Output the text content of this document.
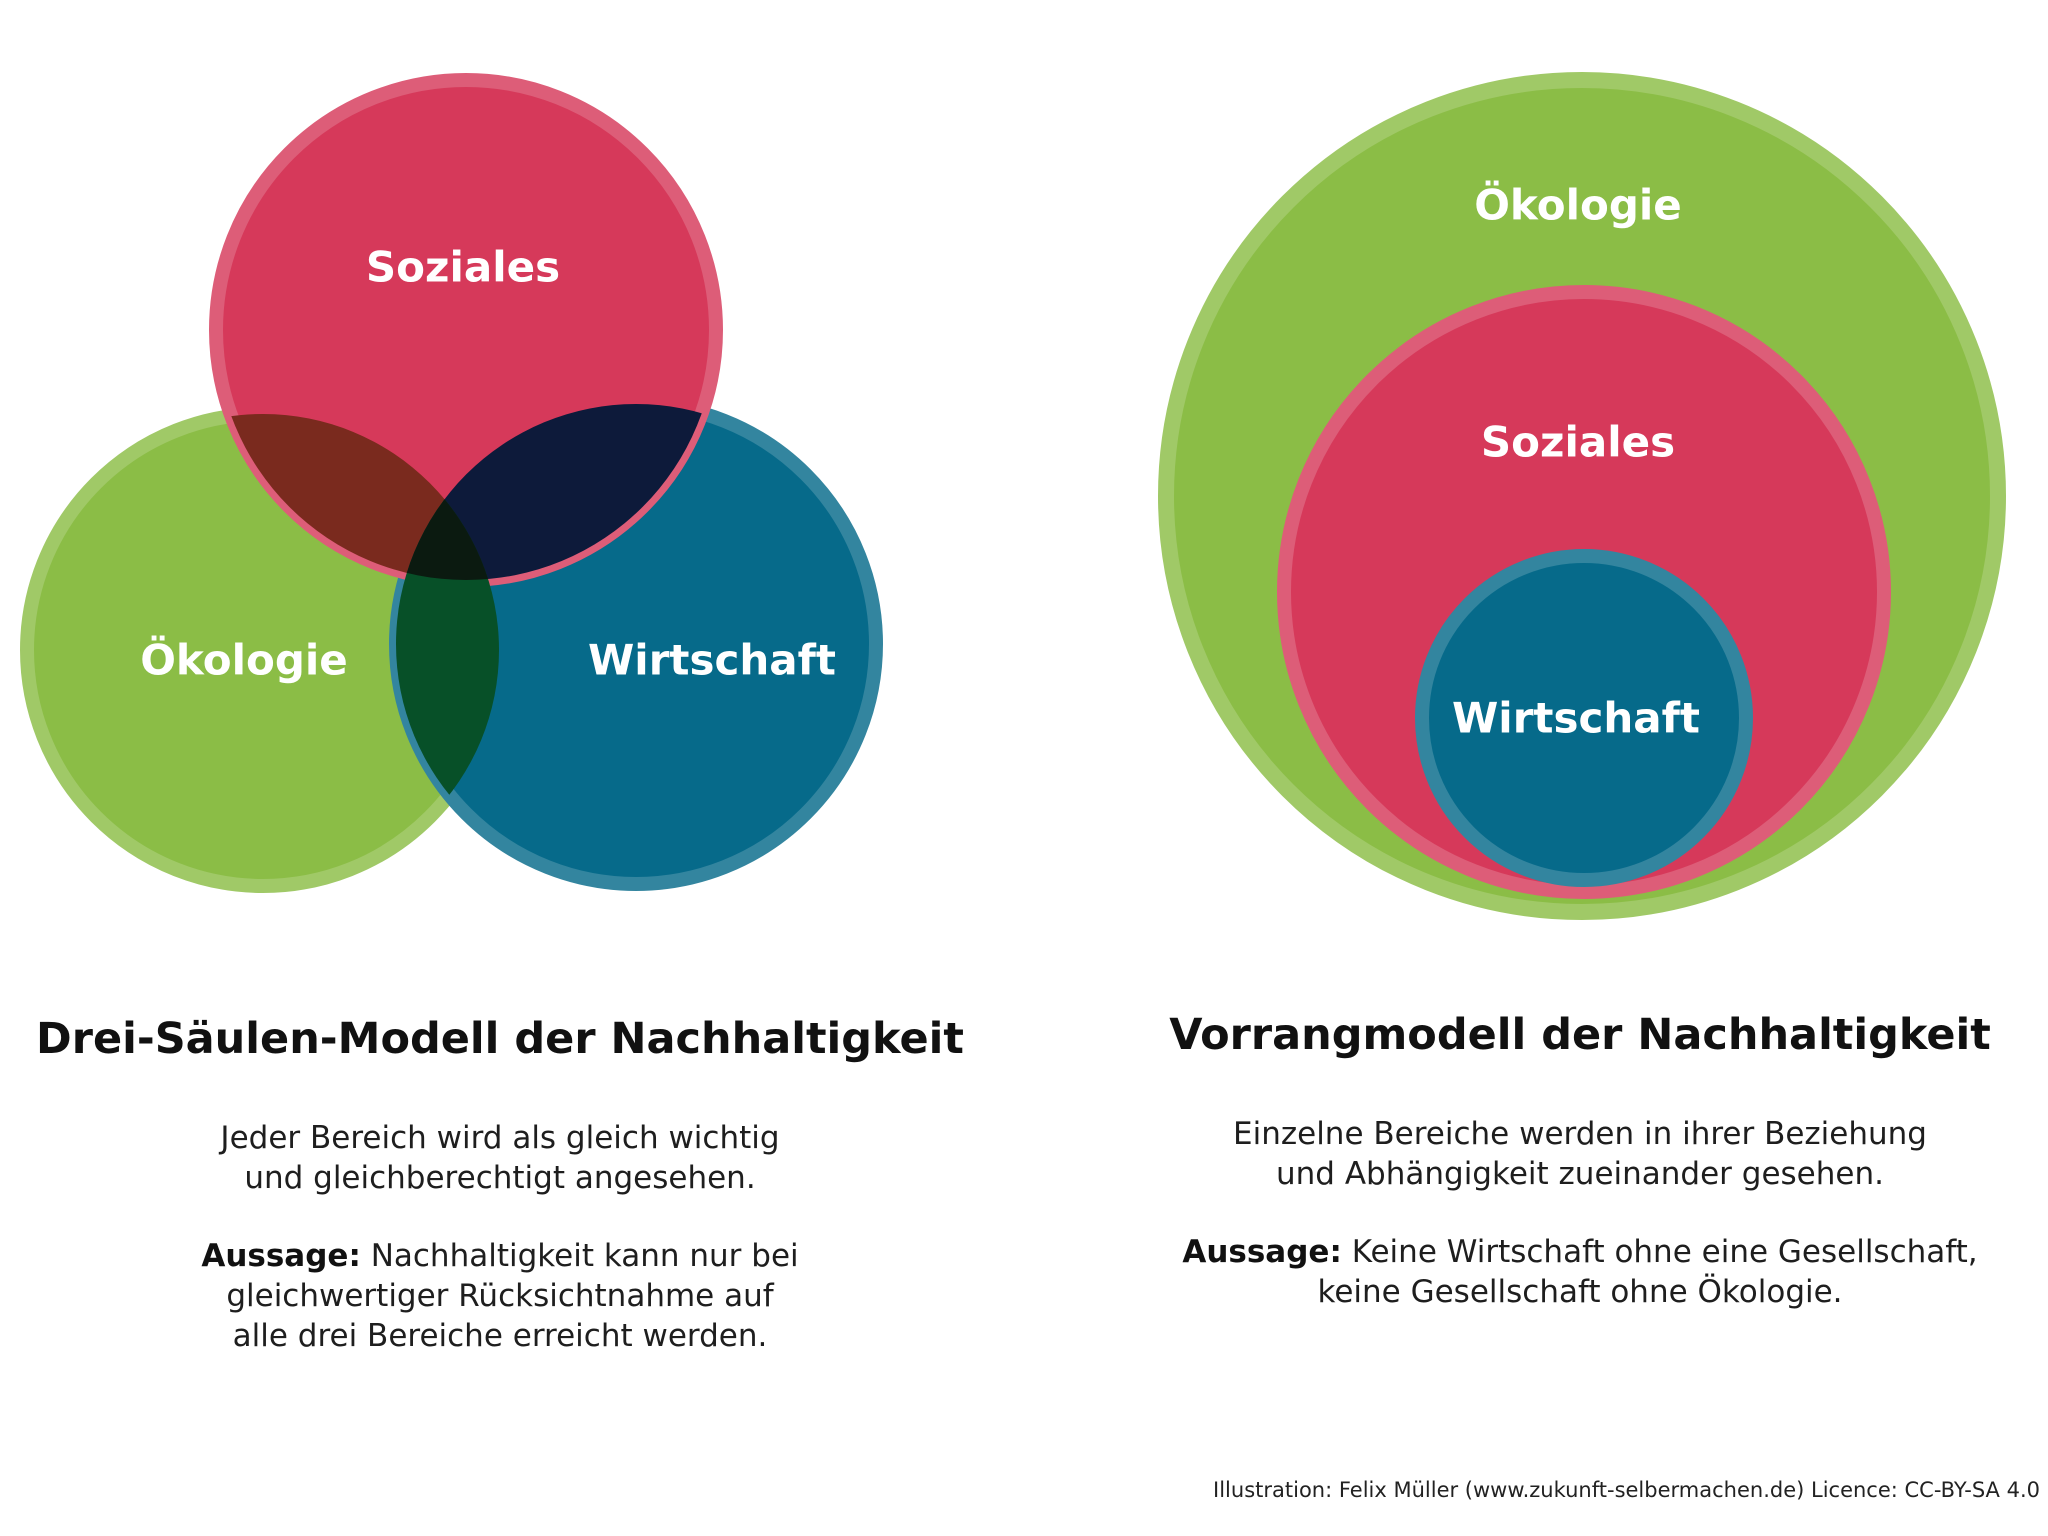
Soziales
Ökologie	Wirtschaft
Ökologie
Soziales
Wirtschaft
Drei-Säulen-Modell der Nachhaltigkeit

Jeder Bereich wird als gleich wichtig

und gleichberechtigt angesehen.

Aussage: Nachhaltigkeit kann nur bei

gleichwertiger Rücksichtnahme auf

alle drei Bereiche erreicht werden.

Vorrangmodell der Nachhaltigkeit

Einzelne Bereiche werden in ihrer Beziehung

und Abhängigkeit zueinander gesehen.

Aussage: Keine Wirtschaft ohne eine Gesellschaft,

keine Gesellschaft ohne Ökologie.

Illustration: Felix Müller (www.zukunft-selbermachen.de) Licence: CC-BY-SA 4.0
